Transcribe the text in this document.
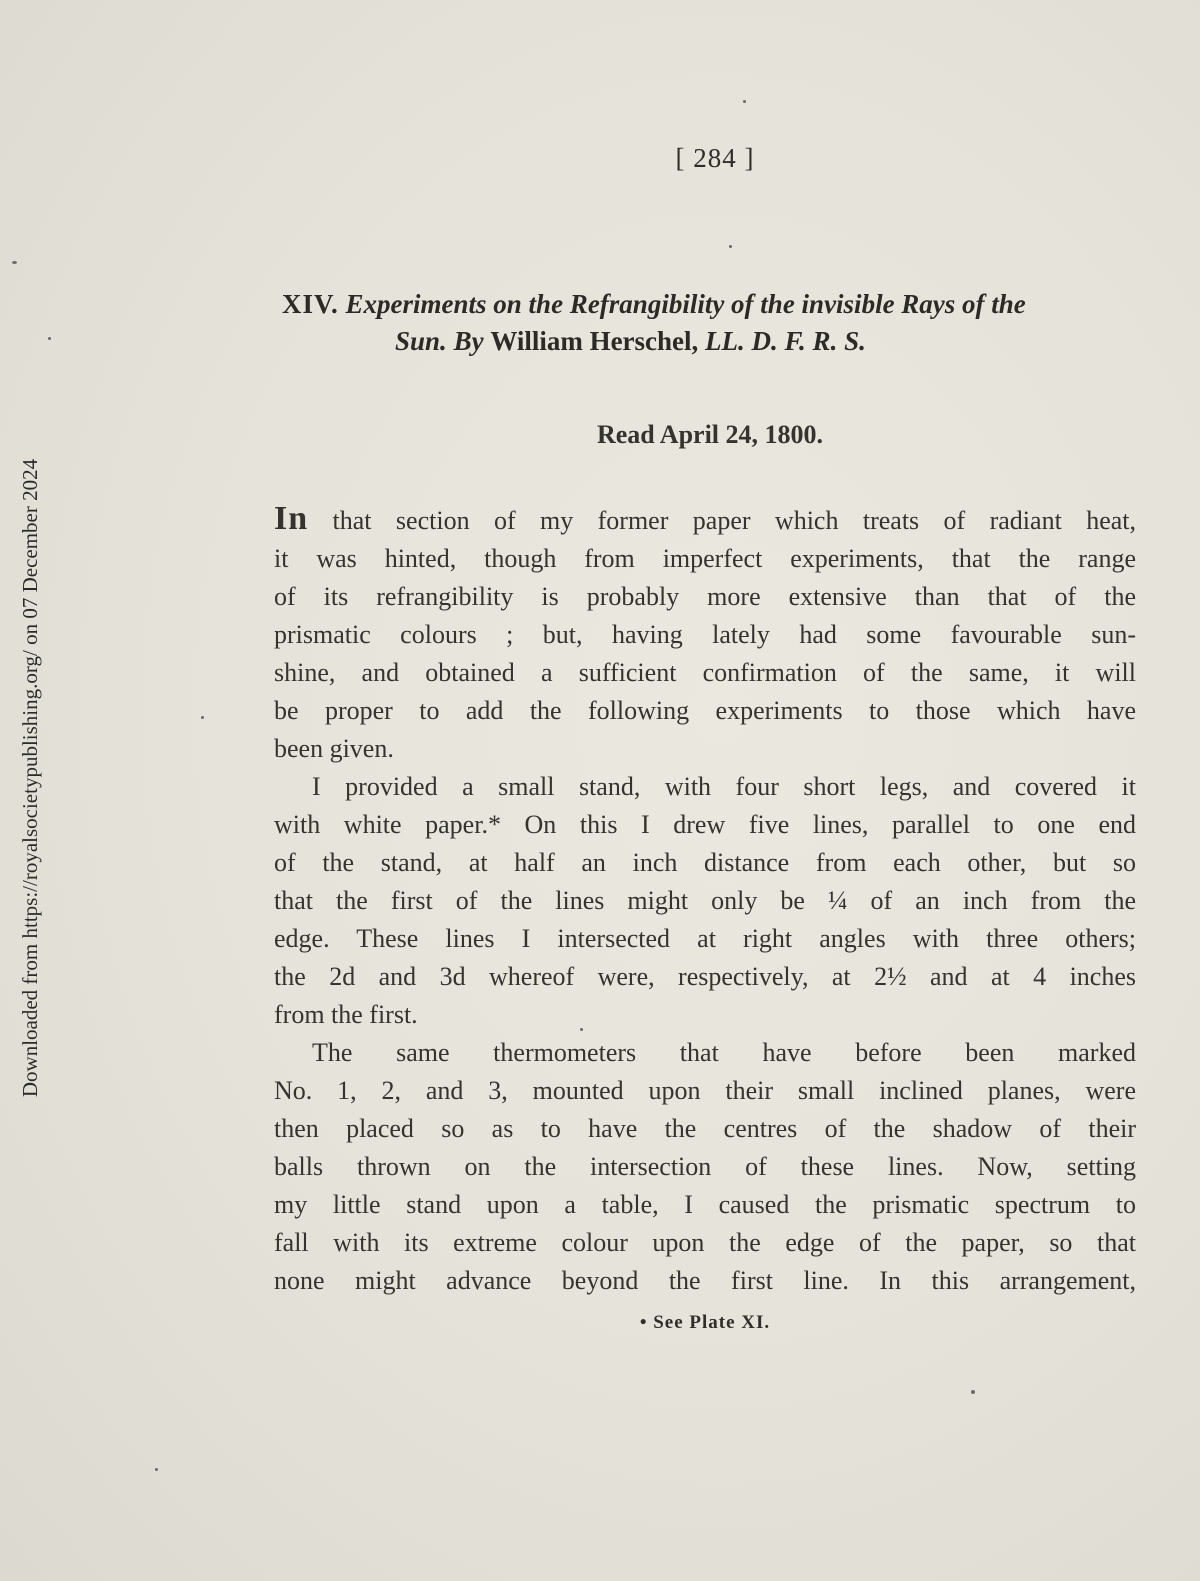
Downloaded from https://royalsocietypublishing.org/ on 07 December 2024
[ 284 ]
XIV. Experiments on the Refrangibility of the invisible Rays of the
Sun. By William Herschel, LL. D. F. R. S.
Read April 24, 1800.

In that section of my former paper which treats of radiant heat,
it was hinted, though from imperfect experiments, that the range
of its refrangibility is probably more extensive than that of the
prismatic colours ; but, having lately had some favourable sun-
shine, and obtained a sufficient confirmation of the same, it will
be proper to add the following experiments to those which have
been given.

I provided a small stand, with four short legs, and covered it
with white paper.* On this I drew five lines, parallel to one end
of the stand, at half an inch distance from each other, but so
that the first of the lines might only be ¼ of an inch from the
edge. These lines I intersected at right angles with three others;
the 2d and 3d whereof were, respectively, at 2½ and at 4 inches
from the first.

The same thermometers that have before been marked
No. 1, 2, and 3, mounted upon their small inclined planes, were
then placed so as to have the centres of the shadow of their
balls thrown on the intersection of these lines. Now, setting
my little stand upon a table, I caused the prismatic spectrum to
fall with its extreme colour upon the edge of the paper, so that
none might advance beyond the first line. In this arrangement,

• See Plate XI.
